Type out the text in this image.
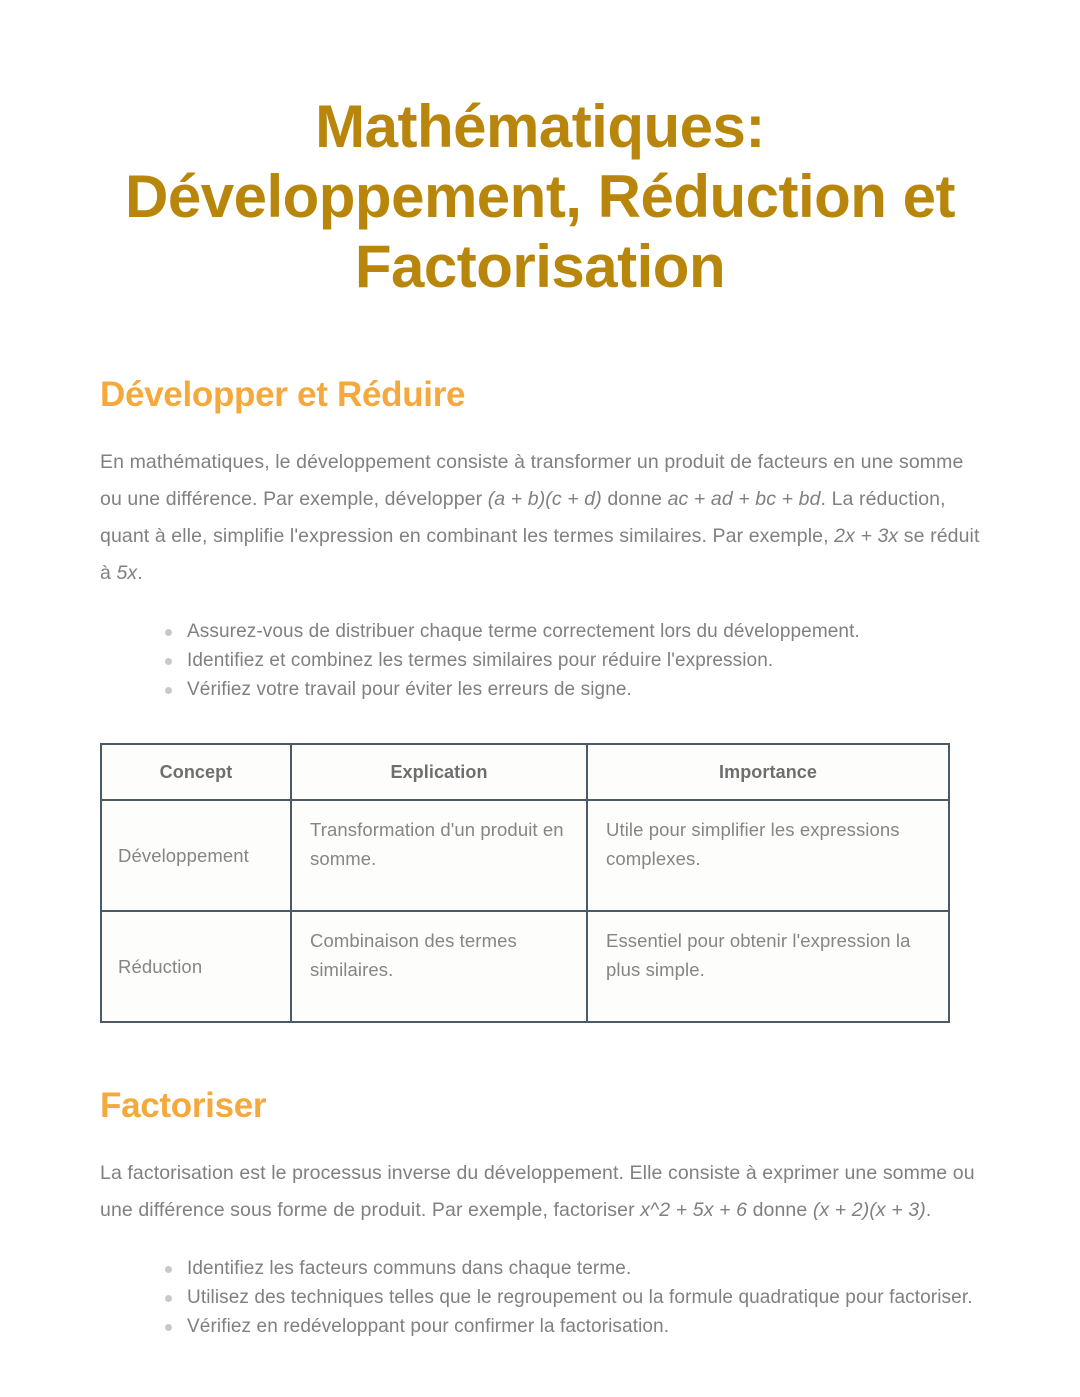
Mathématiques:
Développement, Réduction et
Factorisation
Développer et Réduire

En mathématiques, le développement consiste à transformer un produit de facteurs en une somme ou une différence. Par exemple, développer (a + b)(c + d) donne ac + ad + bc + bd. La réduction, quant à elle, simplifie l'expression en combinant les termes similaires. Par exemple, 2x + 3x se réduit à 5x.

Assurez-vous de distribuer chaque terme correctement lors du développement.
Identifiez et combinez les termes similaires pour réduire l'expression.
Vérifiez votre travail pour éviter les erreurs de signe.
Concept	Explication	Importance
Développement	Transformation d'un produit en somme.	Utile pour simplifier les expressions complexes.
Réduction	Combinaison des termes similaires.	Essentiel pour obtenir l'expression la plus simple.
Factoriser

La factorisation est le processus inverse du développement. Elle consiste à exprimer une somme ou une différence sous forme de produit. Par exemple, factoriser x^2 + 5x + 6 donne (x + 2)(x + 3).

Identifiez les facteurs communs dans chaque terme.
Utilisez des techniques telles que le regroupement ou la formule quadratique pour factoriser.
Vérifiez en redéveloppant pour confirmer la factorisation.
